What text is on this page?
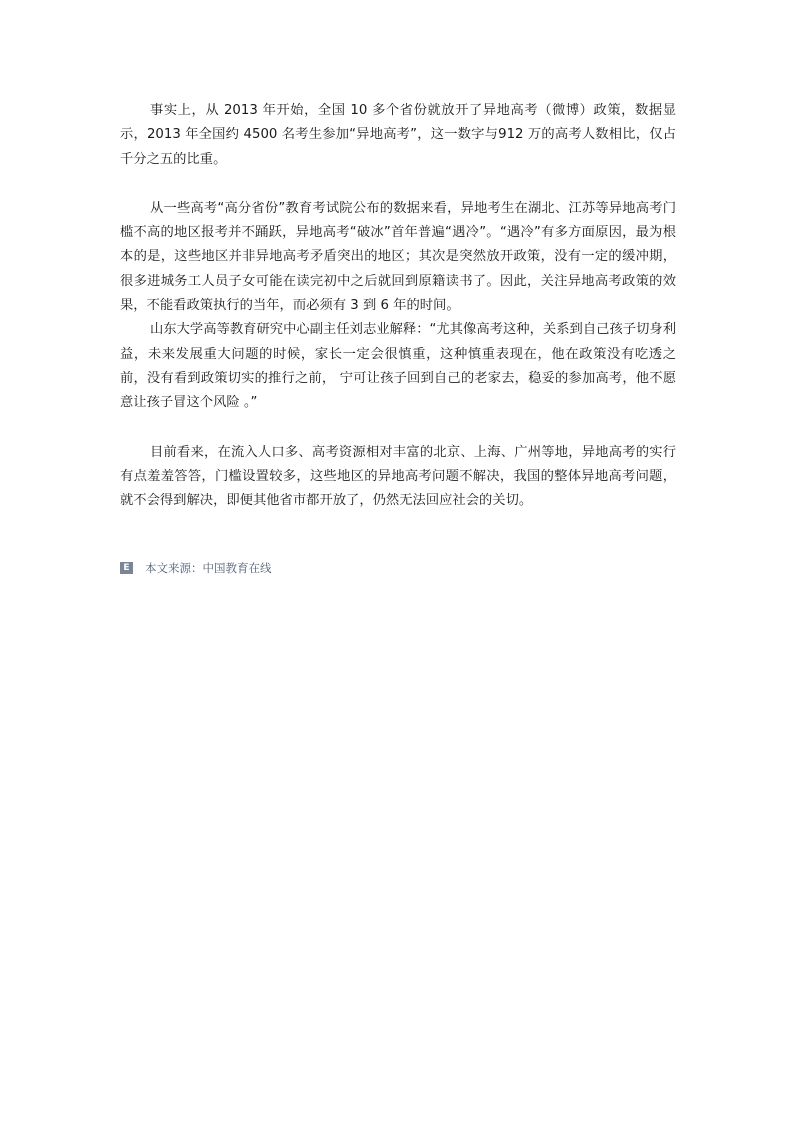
事实上，从 2013 年开始，全国 10 多个省份就放开了异地高考（微博）政策，数据显示，2013 年全国约 4500 名考生参加“异地高考”，这一数字与912 万的高考人数相比，仅占千分之五的比重。

从一些高考“高分省份”教育考试院公布的数据来看，异地考生在湖北、江苏等异地高考门槛不高的地区报考并不踊跃，异地高考“破冰”首年普遍“遇冷”。“遇冷”有多方面原因，最为根本的是，这些地区并非异地高考矛盾突出的地区；其次是突然放开政策，没有一定的缓冲期，很多进城务工人员子女可能在读完初中之后就回到原籍读书了。因此，关注异地高考政策的效果，不能看政策执行的当年，而必须有 3 到 6 年的时间。

山东大学高等教育研究中心副主任刘志业解释：“尤其像高考这种，关系到自己孩子切身利益，未来发展重大问题的时候，家长一定会很慎重，这种慎重表现在，他在政策没有吃透之前，没有看到政策切实的推行之前， 宁可让孩子回到自己的老家去，稳妥的参加高考，他不愿意让孩子冒这个风险 。”

目前看来，在流入人口多、高考资源相对丰富的北京、上海、广州等地，异地高考的实行有点羞羞答答，门槛设置较多，这些地区的异地高考问题不解决，我国的整体异地高考问题，就不会得到解决，即便其他省市都开放了，仍然无法回应社会的关切。

E 本文来源：中国教育在线
